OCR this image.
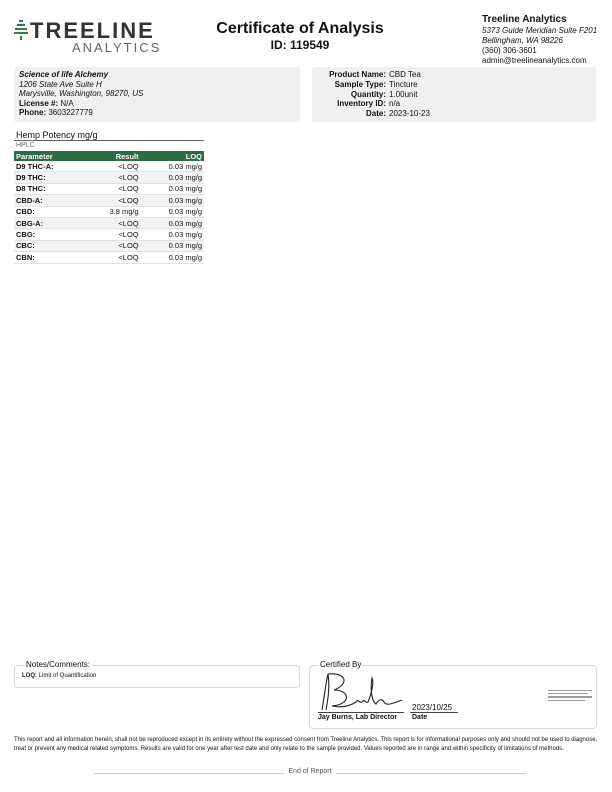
TREELINE
ANALYTICS
Certificate of Analysis
ID: 119549
Treeline Analytics
5373 Guide Meridian Suite F201
Bellingham, WA 98226
(360) 306-3601
admin@treelineanalytics.com
Science of life Alchemy
1206 State Ave Suite H
Marysville, Washington, 98270, US
License #: N/A
Phone: 3603227779
Product Name: CBD Tea
Sample Type: Tincture
Quantity: 1.00unit
Inventory ID: n/a
Date: 2023-10-23
Hemp Potency mg/g
HPLC
Parameter	Result	LOQ
D9 THC-A:	<LOQ	0.03 mg/g
D9 THC:	<LOQ	0.03 mg/g
D8 THC:	<LOQ	0.03 mg/g
CBD-A:	<LOQ	0.03 mg/g
CBD:	3.8 mg/g	0.03 mg/g
CBG-A:	<LOQ	0.03 mg/g
CBG:	<LOQ	0.03 mg/g
CBC:	<LOQ	0.03 mg/g
CBN:	<LOQ	0.03 mg/g
Notes/Comments:
LOQ: Limit of Quantification
Certified By
Jay Burns, Lab Director
2023/10/25
Date
This report and all information herein, shall not be reproduced except in its entirety without the expressed consent from Treeline Analytics. This report is for informational purposes only and should not be used to diagnose, treat or prevent any medical related symptoms. Results are valid for one year after test date and only relate to the sample provided. Values reported are in range and within specificity of limitations of methods.
End of Report
